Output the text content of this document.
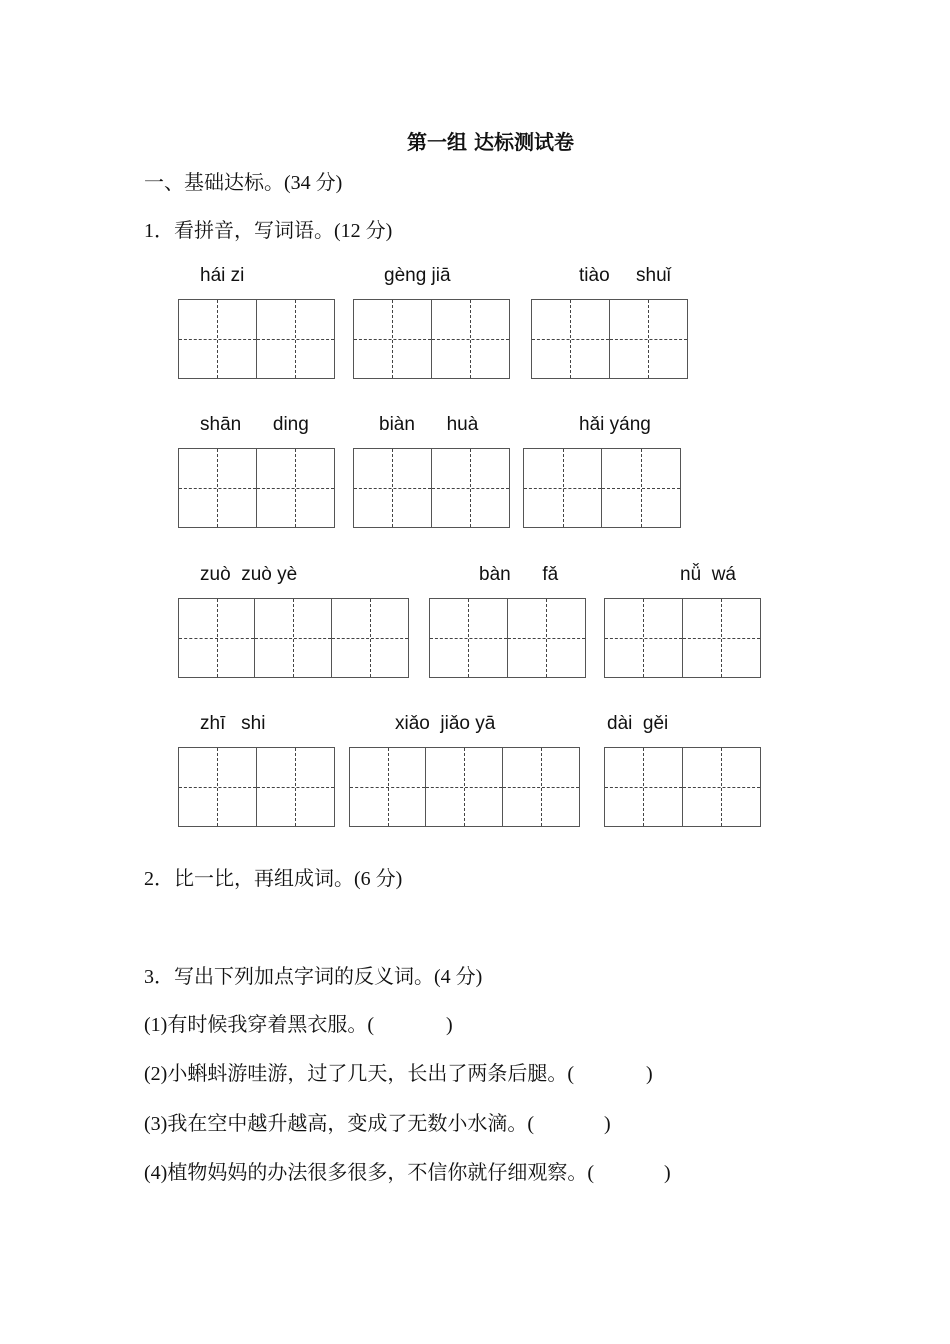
第一组 达标测试卷
一、基础达标。(34 分)
1．看拼音，写词语。(12 分)
hái zi	gèng jiā	tiào     shuǐ
shān      ding	biàn      huà	hǎi yáng
zuò  zuò yè	bàn      fǎ	nǚ  wá
zhī   shi	xiǎo  jiǎo yā	dài  gěi
2．比一比，再组成词。(6 分)
3．写出下列加点字词的反义词。(4 分)
(1)有时候我穿着黑衣服。(	)
(2)小蝌蚪游哇游，过了几天，长出了两条后腿。(	)
(3)我在空中越升越高，变成了无数小水滴。(	)
(4)植物妈妈的办法很多很多，不信你就仔细观察。(	)
